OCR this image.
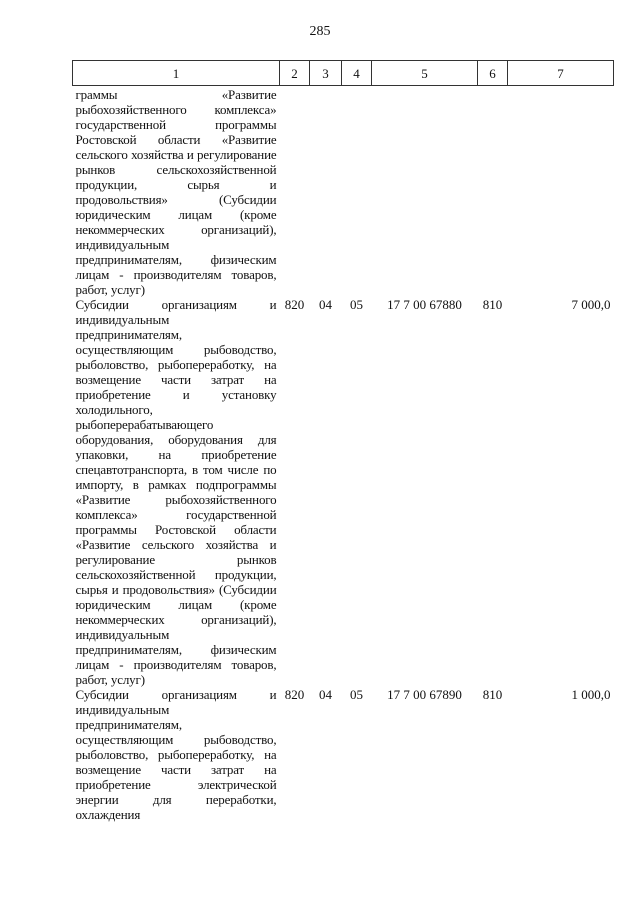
285
1	2	3	4	5	6	7
граммы «Развитие рыбохозяйственного комплекса» государственной программы Ростовской области «Развитие сельского хозяйства и регулирование рынков сельскохозяйственной продукции, сырья и продовольствия» (Субсидии юридическим лицам (кроме некоммерческих организаций), индивидуальным предпринимателям, физическим лицам - производителям товаров, работ, услуг)						
Субсидии организациям и индивидуальным предпринимателям, осуществляющим рыбоводство, рыболовство, рыбопереработку, на возмещение части затрат на приобретение и установку холодильного, рыбоперерабатывающего оборудования, оборудования для упаковки, на приобретение спецавтотранспорта, в том числе по импорту, в рамках подпрограммы «Развитие рыбохозяйственного комплекса» государственной программы Ростовской области «Развитие сельского хозяйства и регулирование рынков сельскохозяйственной продукции, сырья и продовольствия» (Субсидии юридическим лицам (кроме некоммерческих организаций), индивидуальным предпринимателям, физическим лицам - производителям товаров, работ, услуг)	820	04	05	17 7 00 67880	810	7 000,0
Субсидии организациям и индивидуальным предпринимателям, осуществляющим рыбоводство, рыболовство, рыбопереработку, на возмещение части затрат на приобретение электрической энергии для переработки, охлаждения	820	04	05	17 7 00 67890	810	1 000,0
